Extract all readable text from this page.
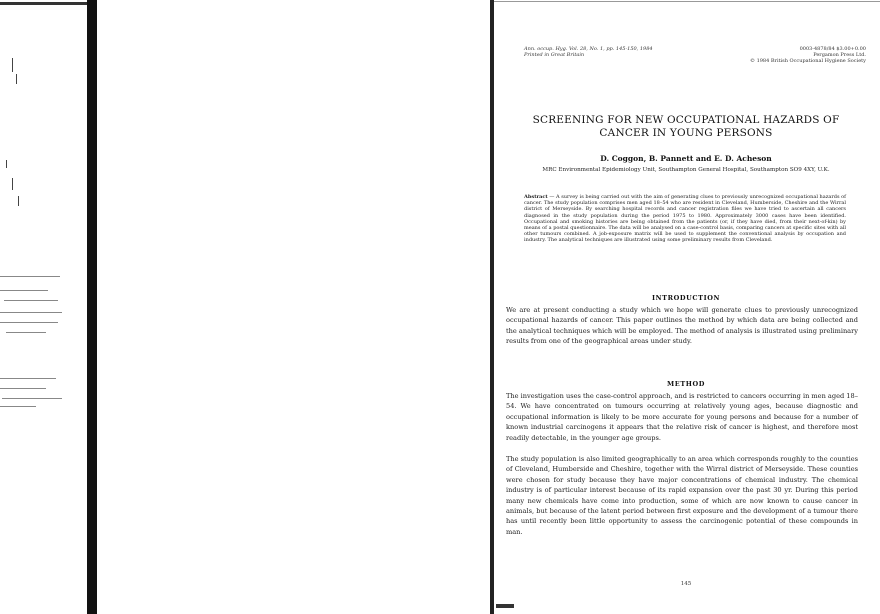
Ann. occup. Hyg. Vol. 28, No. 1, pp. 145-150, 1984
Printed in Great Britain
0003-4878/84 $3.00+0.00
Pergamon Press Ltd.
© 1984 British Occupational Hygiene Society
SCREENING FOR NEW OCCUPATIONAL HAZARDS OF
CANCER IN YOUNG PERSONS
D. Coggon, B. Pannett and E. D. Acheson
MRC Environmental Epidemiology Unit, Southampton General Hospital, Southampton SO9 4XY, U.K.
Abstract — A survey is being carried out with the aim of generating clues to previously unrecognized occupational hazards of cancer. The study population comprises men aged 18–54 who are resident in Cleveland, Humberside, Cheshire and the Wirral district of Merseyside. By searching hospital records and cancer registration files we have tried to ascertain all cancers diagnosed in the study population during the period 1975 to 1980. Approximately 3000 cases have been identified. Occupational and smoking histories are being obtained from the patients (or, if they have died, from their next-of-kin) by means of a postal questionnaire. The data will be analysed on a case-control basis, comparing cancers at specific sites with all other tumours combined. A job-exposure matrix will be used to supplement the conventional analysis by occupation and industry. The analytical techniques are illustrated using some preliminary results from Cleveland.
INTRODUCTION

We are at present conducting a study which we hope will generate clues to previously unrecognized occupational hazards of cancer. This paper outlines the method by which data are being collected and the analytical techniques which will be employed. The method of analysis is illustrated using preliminary results from one of the geographical areas under study.

METHOD

The investigation uses the case-control approach, and is restricted to cancers occurring in men aged 18–54. We have concentrated on tumours occurring at relatively young ages, because diagnostic and occupational information is likely to be more accurate for young persons and because for a number of known industrial carcinogens it appears that the relative risk of cancer is highest, and therefore most readily detectable, in the younger age groups.

The study population is also limited geographically to an area which corresponds roughly to the counties of Cleveland, Humberside and Cheshire, together with the Wirral district of Merseyside. These counties were chosen for study because they have major concentrations of chemical industry. The chemical industry is of particular interest because of its rapid expansion over the past 30 yr. During this period many new chemicals have come into production, some of which are now known to cause cancer in animals, but because of the latent period between first exposure and the development of a tumour there has until recently been little opportunity to assess the carcinogenic potential of these compounds in man.

145
